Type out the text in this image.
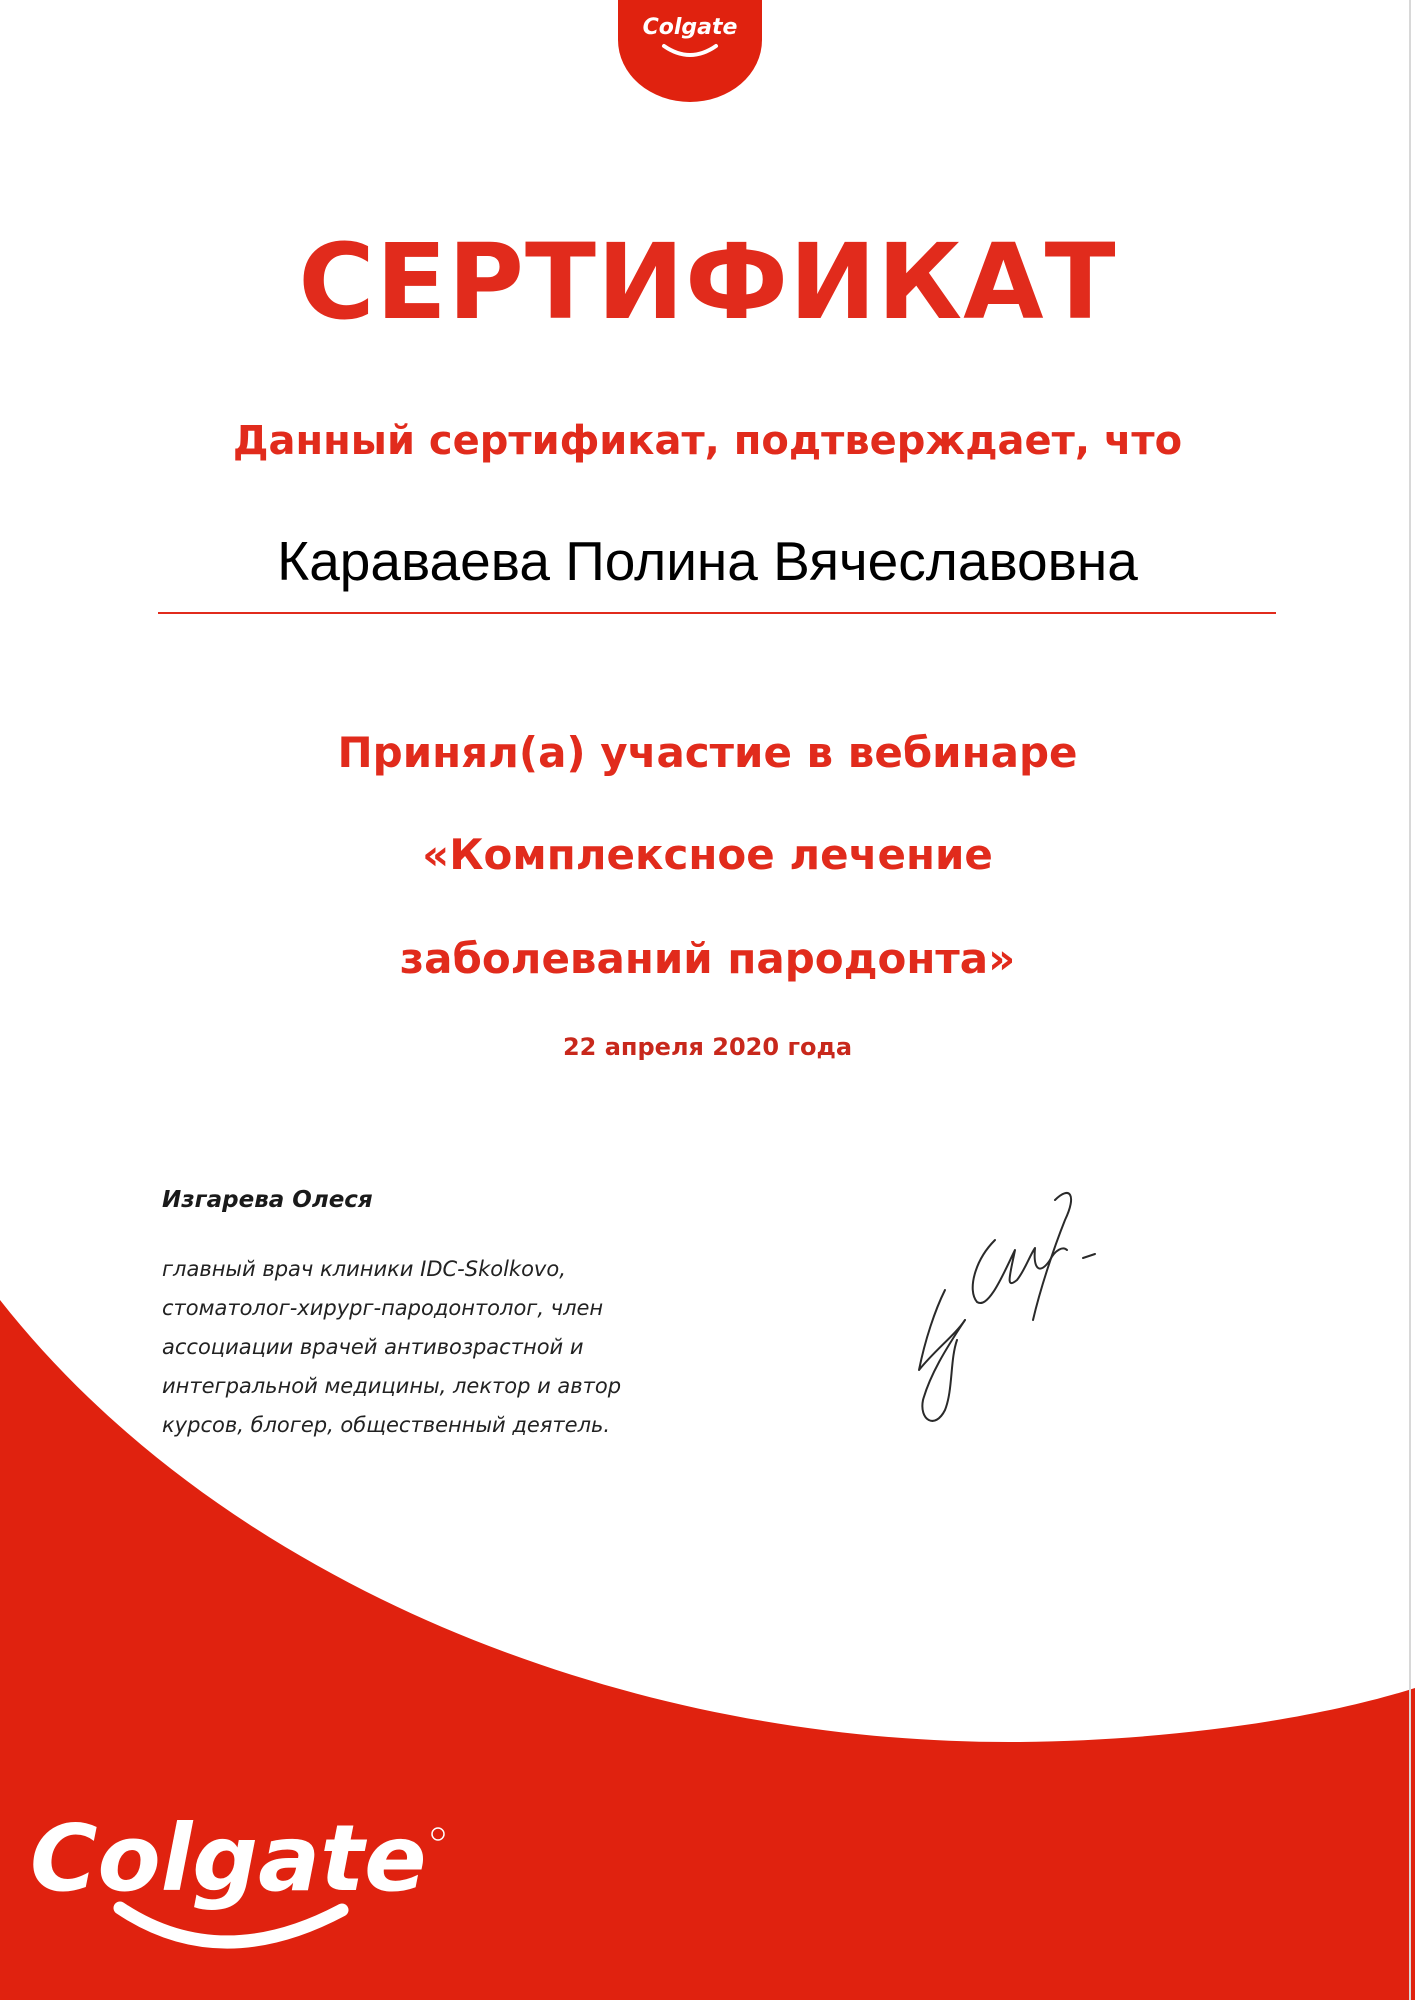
Colgate
СЕРТИФИКАТ

Данный сертификат, подтверждает, что

Караваева Полина Вячеславовна

Принял(а) участие в вебинаре

«Комплексное лечение

заболеваний пародонта»

22 апреля 2020 года

Изгарева Олеся

главный врач клиники IDC-Skolkovo,
стоматолог-хирург-пародонтолог, член
ассоциации врачей антивозрастной и
интегральной медицины, лектор и автор
курсов, блогер, общественный деятель.

Colgate
